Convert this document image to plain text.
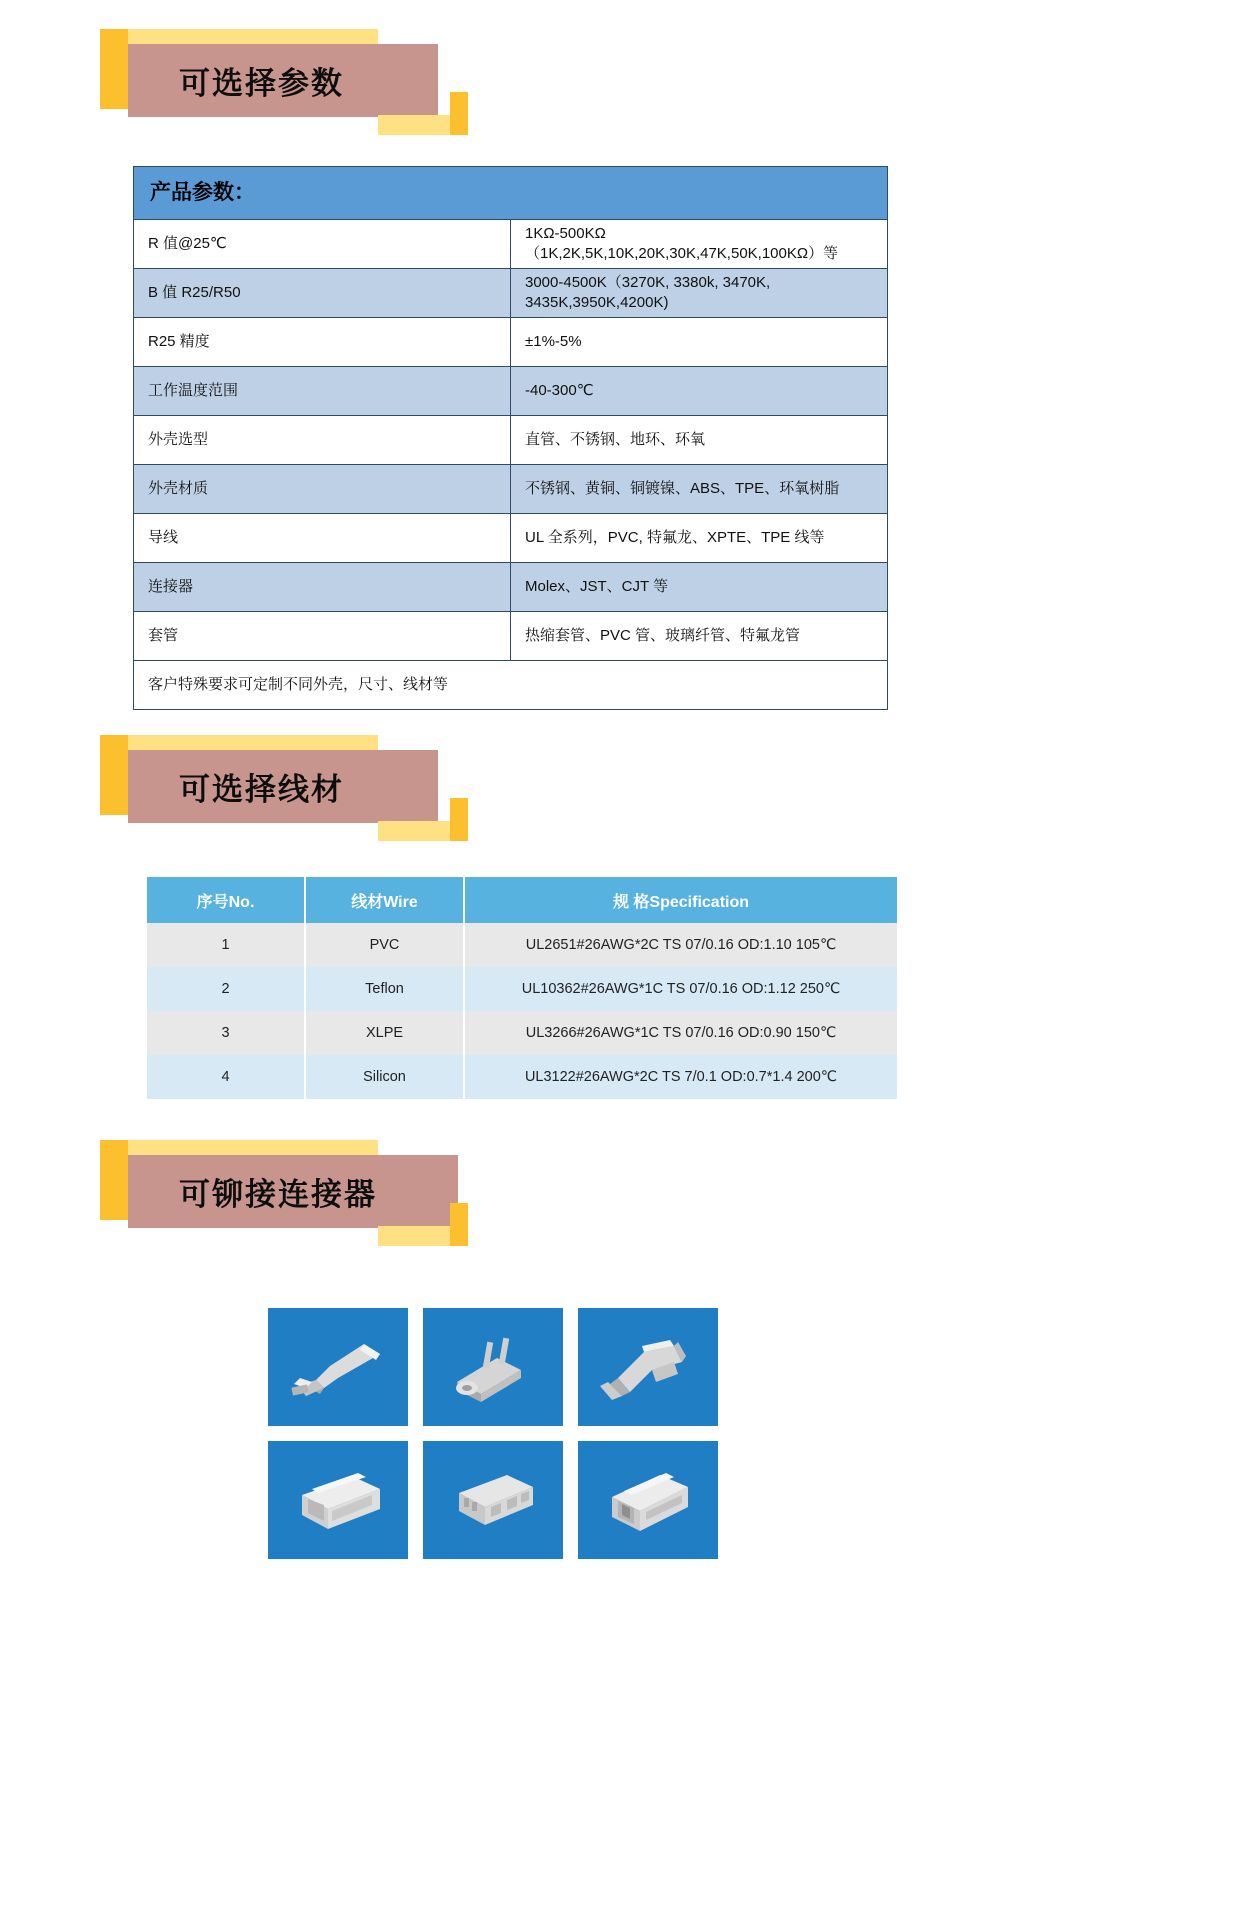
可选择参数
产品参数：	
R 值@25℃	1KΩ-500KΩ（1K,2K,5K,10K,20K,30K,47K,50K,100KΩ）等
B 值 R25/R50	3000-4500K（3270K, 3380k, 3470K, 3435K,3950K,4200K)
R25 精度	±1%-5%
工作温度范围	-40-300℃
外壳选型	直管、不锈钢、地环、环氧
外壳材质	不锈钢、黄铜、铜镀镍、ABS、TPE、环氧树脂
导线	UL 全系列，PVC, 特氟龙、XPTE、TPE 线等
连接器	Molex、JST、CJT 等
套管	热缩套管、PVC 管、玻璃纤管、特氟龙管
客户特殊要求可定制不同外壳，尺寸、线材等	
可选择线材
序号No.	线材Wire	规 格Specification
1	PVC	UL2651#26AWG*2C TS 07/0.16 OD:1.10 105℃
2	Teflon	UL10362#26AWG*1C TS 07/0.16 OD:1.12 250℃
3	XLPE	UL3266#26AWG*1C TS 07/0.16 OD:0.90 150℃
4	Silicon	UL3122#26AWG*2C TS 7/0.1 OD:0.7*1.4 200℃
可铆接连接器
